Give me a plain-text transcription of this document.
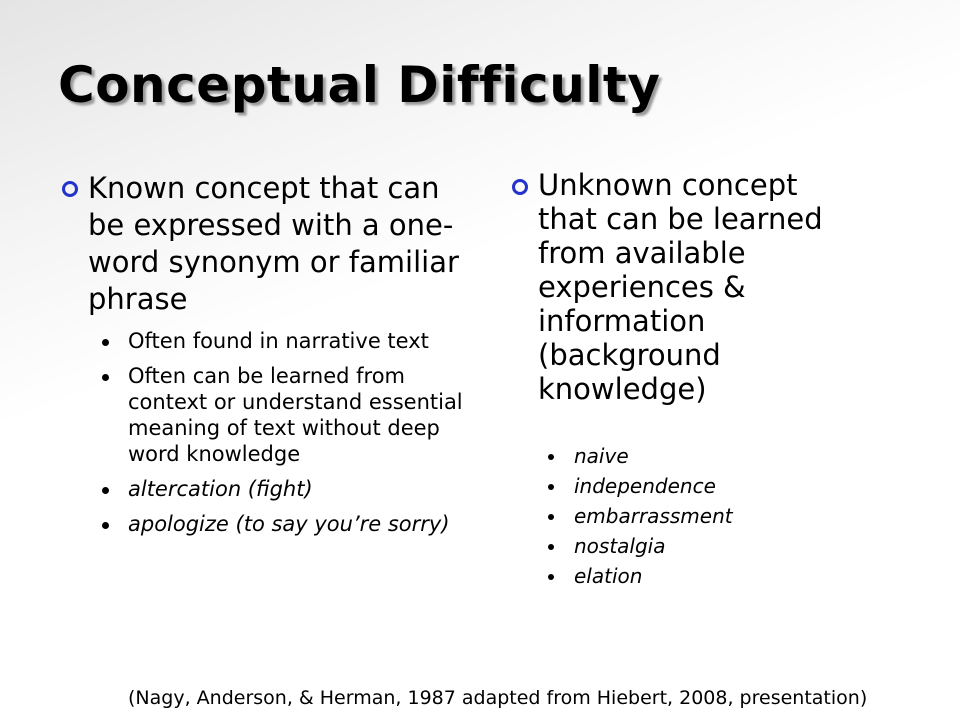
Conceptual Difficulty
Known concept that can be expressed with a one-word synonym or familiar phrase
Often found in narrative text
Often can be learned from context or understand essential meaning of text without deep word knowledge
altercation (fight)
apologize (to say you’re sorry)
Unknown concept that can be learned from available experiences & information (background knowledge)
naive
independence
embarrassment
nostalgia
elation

(Nagy, Anderson, & Herman, 1987 adapted from Hiebert, 2008, presentation)
